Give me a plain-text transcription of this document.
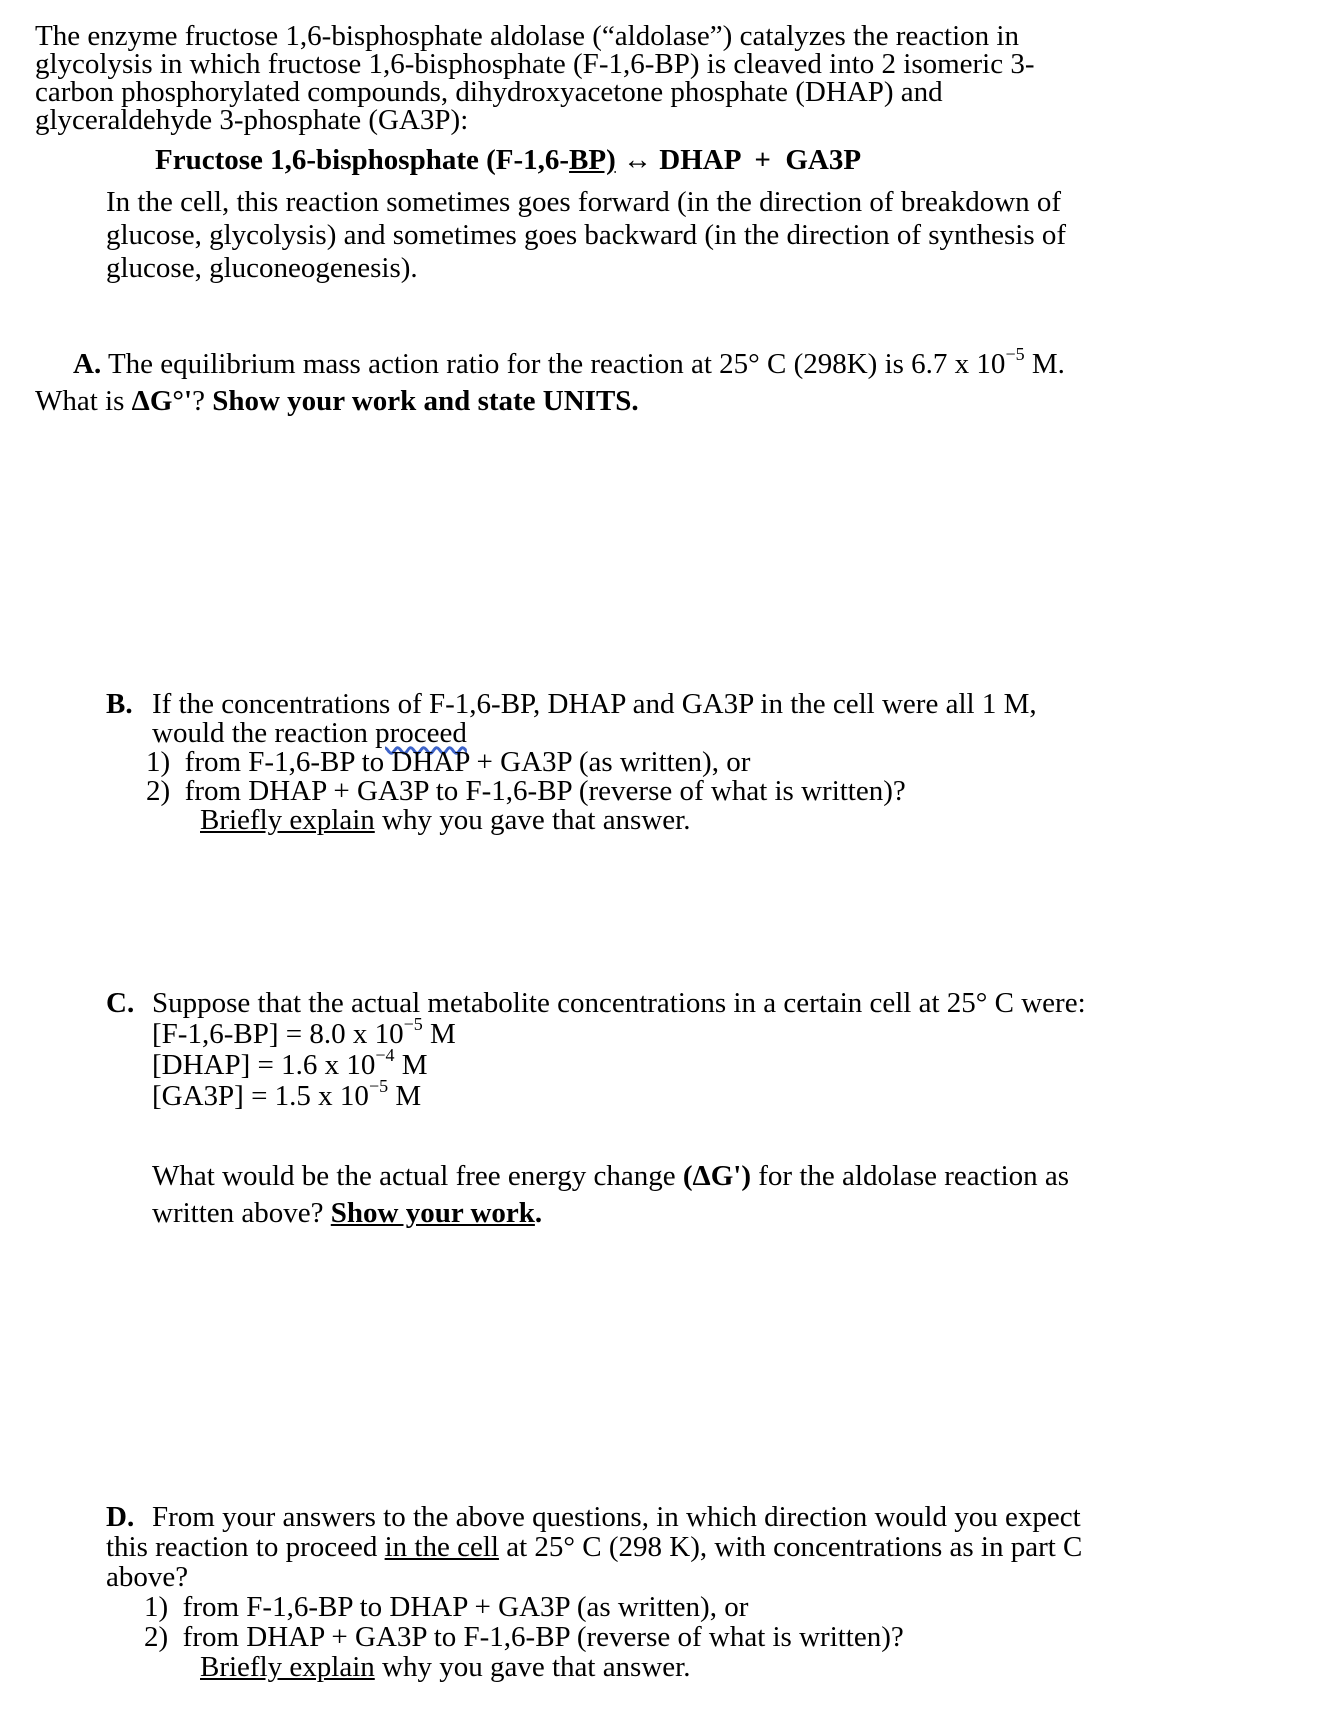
The enzyme fructose 1,6-bisphosphate aldolase (“aldolase”) catalyzes the reaction in
glycolysis in which fructose 1,6-bisphosphate (F-1,6-BP) is cleaved into 2 isomeric 3-
carbon phosphorylated compounds, dihydroxyacetone phosphate (DHAP) and
glyceraldehyde 3-phosphate (GA3P):
Fructose 1,6-bisphosphate (F-1,6-BP) ↔ DHAP  +  GA3P
In the cell, this reaction sometimes goes forward (in the direction of breakdown of
glucose, glycolysis) and sometimes goes backward (in the direction of synthesis of
glucose, gluconeogenesis).
A. The equilibrium mass action ratio for the reaction at 25° C (298K) is 6.7 x $10^{-5}$ M.
What is ΔG°'? Show your work and state UNITS.
B. If the concentrations of F-1,6-BP, DHAP and GA3P in the cell were all 1 M,
would the reaction proceed
1)  from F-1,6-BP to DHAP + GA3P (as written), or
2)  from DHAP + GA3P to F-1,6-BP (reverse of what is written)?
Briefly explain why you gave that answer.
C. Suppose that the actual metabolite concentrations in a certain cell at 25° C were:
[F-1,6-BP] = 8.0 x $10^{-5}$ M
[DHAP] = 1.6 x $10^{-4}$ M
[GA3P] = 1.5 x $10^{-5}$ M
What would be the actual free energy change (ΔG') for the aldolase reaction as
written above? Show your work.
D. From your answers to the above questions, in which direction would you expect
this reaction to proceed in the cell at 25° C (298 K), with concentrations as in part C
above?
1)  from F-1,6-BP to DHAP + GA3P (as written), or
2)  from DHAP + GA3P to F-1,6-BP (reverse of what is written)?
Briefly explain why you gave that answer.
